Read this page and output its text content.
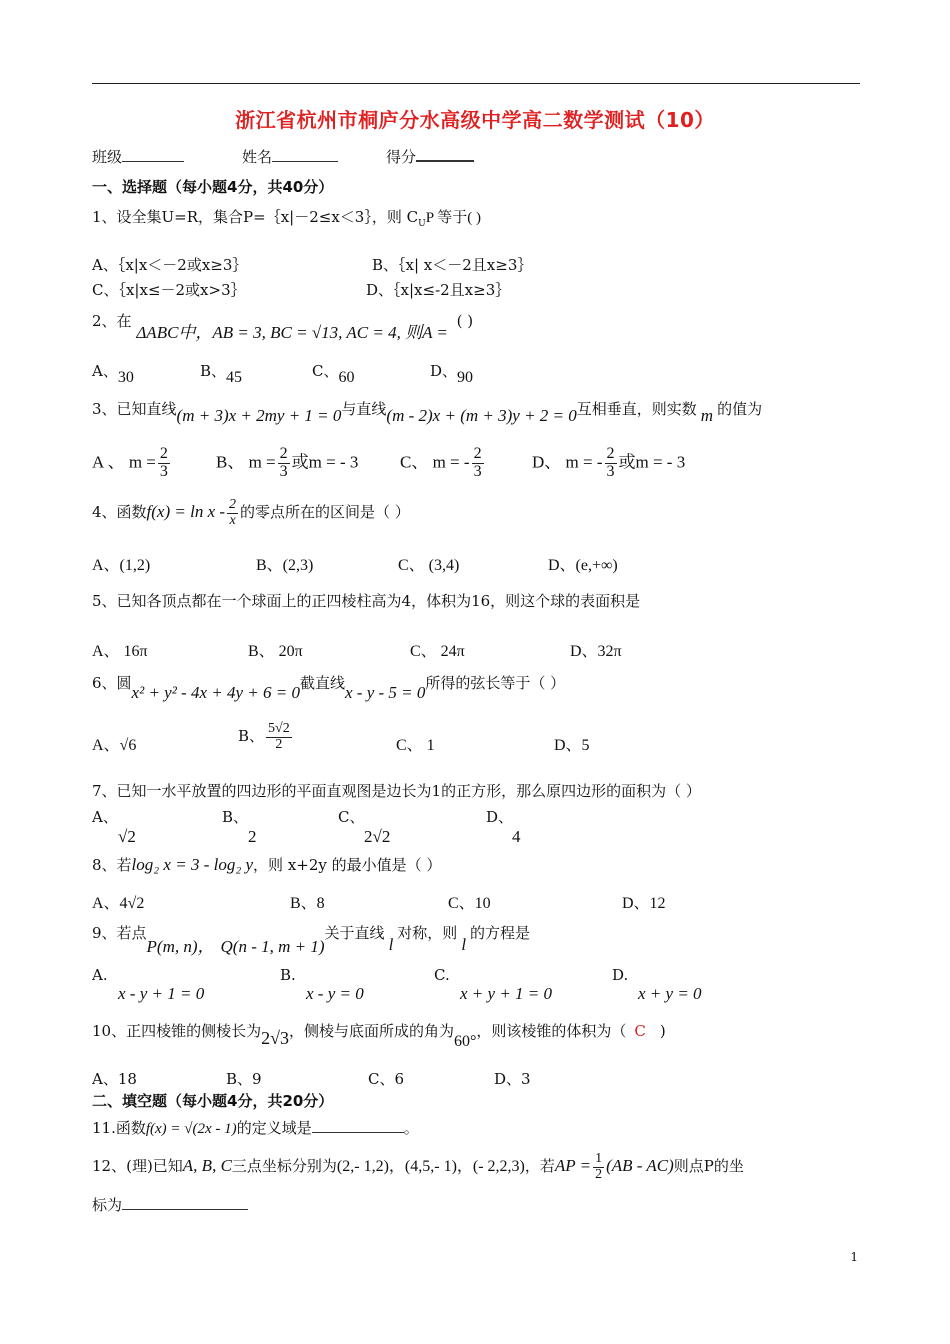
浙江省杭州市桐庐分水高级中学高二数学测试（10）
班级	姓名	得分
一、选择题（每小题4分，共40分）
1、设全集U=R，集合P=｛x|－2≤x＜3｝，则 $C_UP$ 等于( )
A、｛x|x＜－2或x≥3｝	B、｛x| x＜－2且x≥3｝
C、｛x|x≤－2或x>3｝	D、｛x|x≤-2且x≥3｝
2、在 ΔABC中，AB = 3, BC = √13, AC = 4, 则A = ( )
A、30	B、45	C、60	D、90
3、已知直线(m + 3)x + 2my + 1 = 0与直线(m - 2)x + (m + 3)y + 2 = 0互相垂直，则实数 m 的值为
A 、 $m = \frac{2}{3}$	B、 $m = \frac{2}{3}$ 或m = - 3 C、 m = - $\frac{2}{3}$	D、 m = - $\frac{2}{3}$ 或m = - 3
4、函数$f(x) = \ln x - \frac{2}{x}$ 的零点所在的区间是（ ）
A、(1,2)	B、(2,3)	C、 (3,4)	D、(e,+∞)
5、已知各顶点都在一个球面上的正四棱柱高为4，体积为16，则这个球的表面积是
A、 16π	B、 20π	C、 24π	D、32π
6、圆x² + y² - 4x + 4y + 6 = 0截直线x - y - 5 = 0所得的弦长等于（ ）
A、√6
B、 $\frac{5√2}{2}$	C、 1	D、5
7、已知一水平放置的四边形的平面直观图是边长为1的正方形，那么原四边形的面积为（ ）
A、
√2
B、
2
C、
2√2
D、
4
8、若log₂ x = 3 - log₂ y，则 x+2y 的最小值是（ ）
A、4√2	B、8	C、10	D、12
9、若点P(m, n)， Q(n - 1, m + 1)关于直线l对称，则l的方程是
A.
x - y + 1 = 0
B.
x - y = 0
C.
x + y + 1 = 0
D.
x + y = 0
10、正四棱锥的侧棱长为2√3，侧棱与底面所成的角为60°，则该棱锥的体积为（ C )
A、18	B、9	C、6	D、3
二、填空题（每小题4分，共20分）
11.函数f(x) = √(2x - 1)的定义域是	。
12、(理)已知A, B, C三点坐标分别为(2,- 1,2)，(4,5,- 1)，(- 2,2,3)，若AP = $\frac{1}{2} (AB - AC)$则点P的坐
标为
1
